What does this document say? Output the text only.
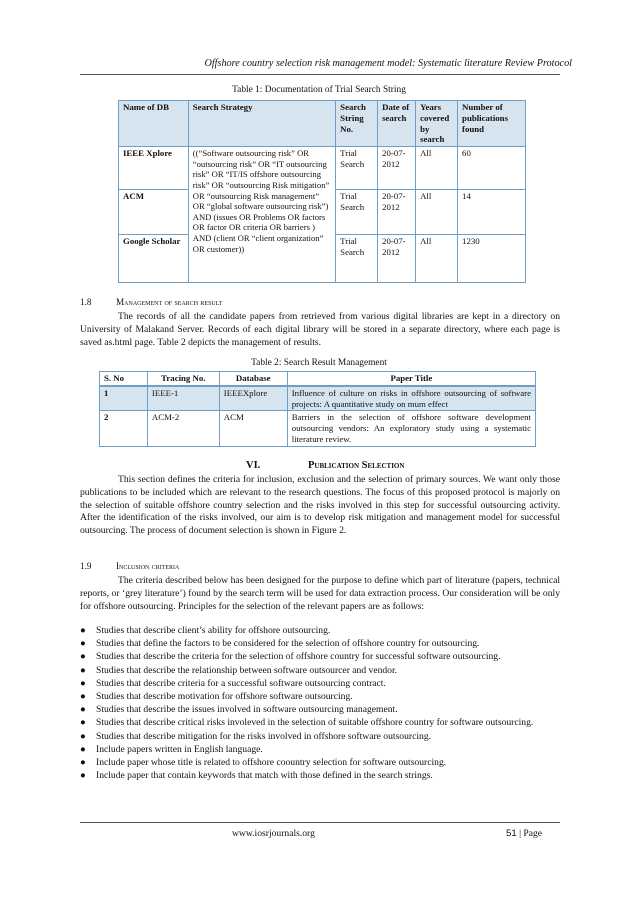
Offshore country selection risk management model: Systematic literature Review Protocol
Table 1: Documentation of Trial Search String
Name of DB	Search Strategy	Search String No.	Date of search	Years covered by search	Number of publications found
IEEE Xplore	((“Software outsourcing risk” OR “outsourcing risk” OR “IT outsourcing risk” OR “IT/IS offshore outsourcing risk” OR “outsourcing Risk mitigation” OR “outsourcing Risk management” OR “global software outsourcing risk”) AND (issues OR Problems OR factors OR factor OR criteria OR barriers ) AND (client OR “client organization” OR customer))	Trial Search	20-07-2012	All	60
ACM		Trial Search	20-07-2012	All	14
Google Scholar		Trial Search	20-07-2012	All	1230
1.8	Management of search result
The records of all the candidate papers from retrieved from various digital libraries are kept in a directory on University of Malakand Server. Records of each digital library will be stored in a separate directory, where each page is saved as.html page. Table 2 depicts the management of results.
Table 2: Search Result Management
S. No	Tracing No.	Database	Paper Title
1	IEEE-1	IEEEXplore	Influence of culture on risks in offshore outsourcing of software projects: A quantitative study on mum effect
2	ACM-2	ACM	Barriers in the selection of offshore software development outsourcing vendors: An exploratory study using a systematic literature review.
VI.	Publication Selection
This section defines the criteria for inclusion, exclusion and the selection of primary sources. We want only those publications to be included which are relevant to the research questions. The focus of this proposed protocol is majorly on the selection of suitable offshore country selection and the risks involved in this step for successful outsourcing activity. After the identification of the risks involved, our aim is to develop risk mitigation and management model for successful outsourcing. The process of document selection is shown in Figure 2.
1.9	Inclusion criteria
The criteria described below has been designed for the purpose to define which part of literature (papers, technical reports, or ‘grey literature’) found by the search term will be used for data extraction process. Our consideration will be only for offshore outsourcing. Principles for the selection of the relevant papers are as follows:
● Studies that describe client’s ability for offshore outsourcing.
● Studies that define the factors to be considered for the selection of offshore country for outsourcing.
● Studies that describe the criteria for the selection of offshore country for successful software outsourcing.
● Studies that describe the relationship between software outsourcer and vendor.
● Studies that describe criteria for a successful software outsourcing contract.
● Studies that describe motivation for offshore software outsourcing.
● Studies that describe the issues involved in software outsourcing management.
● Studies that describe critical risks involeved in the selection of suitable offshore country for software outsourcing.
● Studies that describe mitigation for the risks involved in offshore software outsourcing.
● Include papers written in English language.
● Include paper whose title is related to offshore coountry selection for software outsourcing.
● Include paper that contain keywords that match with those defined in the search strings.
www.iosrjournals.org	51 | Page
